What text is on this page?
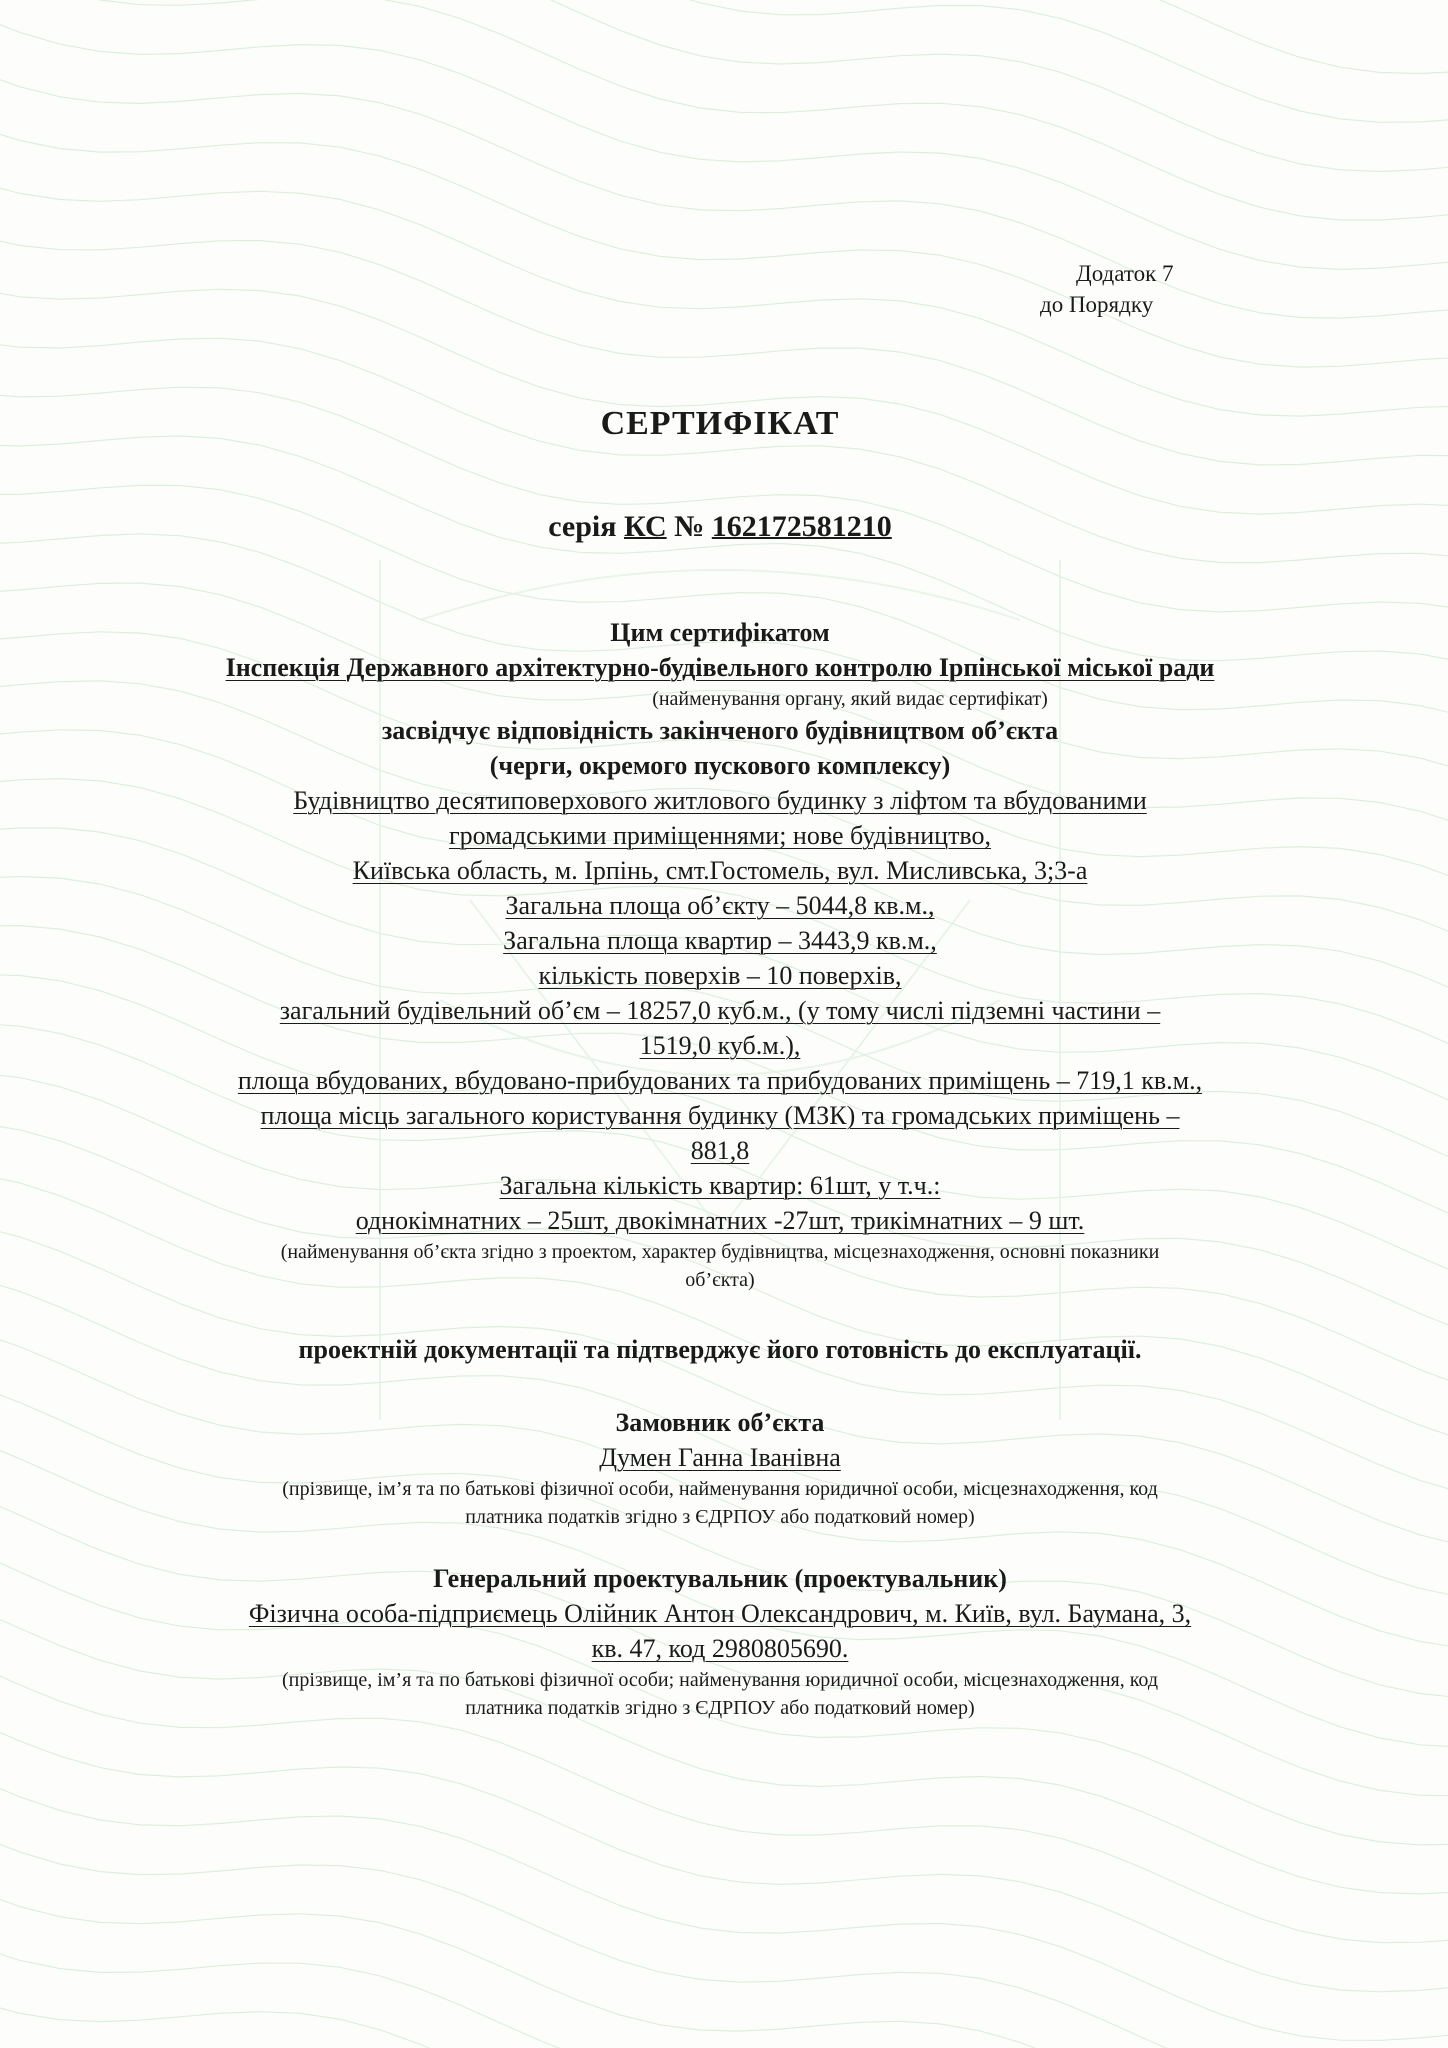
Додаток 7
до Порядку
СЕРТИФІКАТ
серія КС № 162172581210
Цим сертифікатом
Інспекція Державного архітектурно-будівельного контролю Ірпінської міської ради
(найменування органу, який видає сертифікат)
засвідчує відповідність закінченого будівництвом об’єкта
(черги, окремого пускового комплексу)
Будівництво десятиповерхового житлового будинку з ліфтом та вбудованими
громадськими приміщеннями; нове будівництво,
Київська область, м. Ірпінь, смт.Гостомель, вул. Мисливська, 3;3-а
Загальна площа об’єкту – 5044,8 кв.м.,
Загальна площа квартир – 3443,9 кв.м.,
кількість поверхів – 10 поверхів,
загальний будівельний об’єм – 18257,0 куб.м., (у тому числі підземні частини –
1519,0 куб.м.),
площа вбудованих, вбудовано-прибудованих та прибудованих приміщень – 719,1 кв.м.,
площа місць загального користування будинку (МЗК) та громадських приміщень –
881,8
Загальна кількість квартир: 61шт, у т.ч.:
однокімнатних – 25шт, двокімнатних -27шт, трикімнатних – 9 шт.
(найменування об’єкта згідно з проектом, характер будівництва, місцезнаходження, основні показники
об’єкта)
проектній документації та підтверджує його готовність до експлуатації.
Замовник об’єкта
Думен Ганна Іванівна
(прізвище, ім’я та по батькові фізичної особи, найменування юридичної особи, місцезнаходження, код
платника податків згідно з ЄДРПОУ або податковий номер)
Генеральний проектувальник (проектувальник)
Фізична особа-підприємець Олійник Антон Олександрович, м. Київ, вул. Баумана, 3,
кв. 47, код 2980805690.
(прізвище, ім’я та по батькові фізичної особи; найменування юридичної особи, місцезнаходження, код
платника податків згідно з ЄДРПОУ або податковий номер)
